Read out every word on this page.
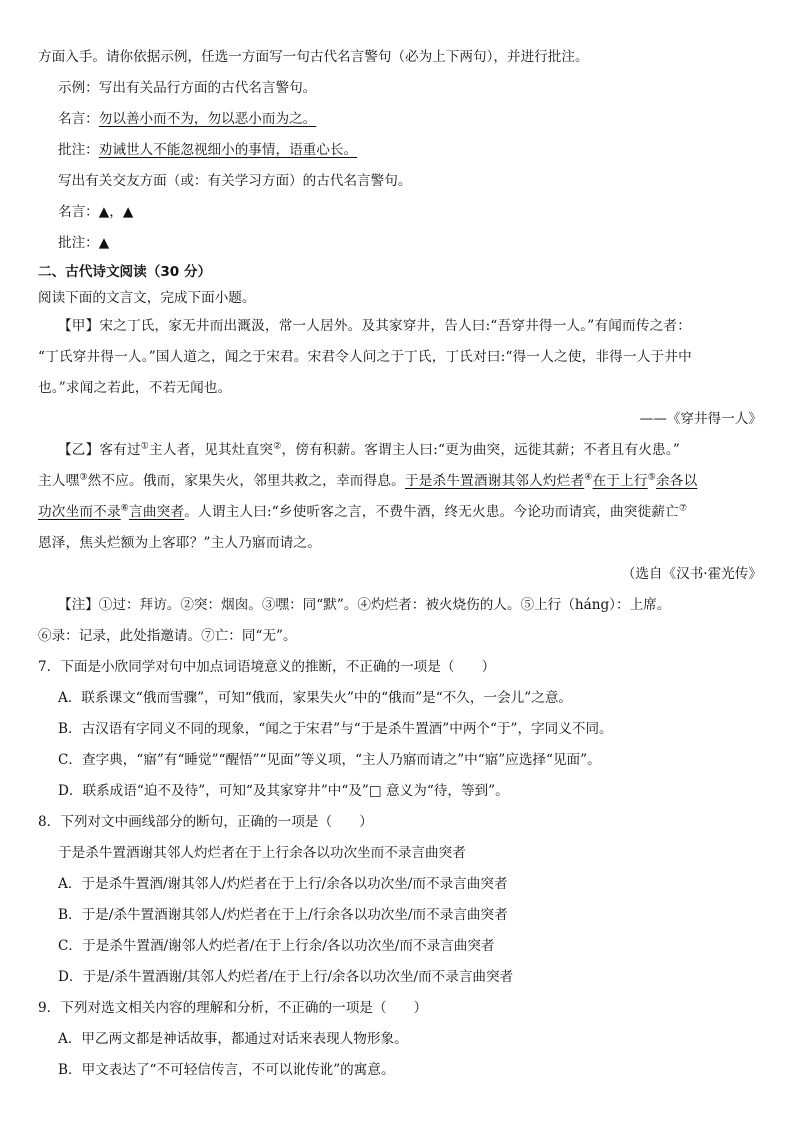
方面入手。请你依据示例，任选一方面写一句古代名言警句（必为上下两句），并进行批注。
示例：写出有关品行方面的古代名言警句。
名言：勿以善小而不为，勿以恶小而为之。
批注：劝诫世人不能忽视细小的事情，语重心长。
写出有关交友方面（或：有关学习方面）的古代名言警句。
名言：▲，▲
批注：▲
二、古代诗文阅读（30 分）
阅读下面的文言文，完成下面小题。
【甲】宋之丁氏，家无井而出溉汲，常一人居外。及其家穿井，告人曰:“吾穿井得一人。”有闻而传之者：
“丁氏穿井得一人。”国人道之，闻之于宋君。宋君令人问之于丁氏，丁氏对曰:“得一人之使，非得一人于井中
也。”求闻之若此，不若无闻也。
——《穿井得一人》
【乙】客有过①主人者，见其灶直突②，傍有积薪。客谓主人曰:“更为曲突，远徙其薪；不者且有火患。”
主人嘿③然不应。俄而，家果失火，邻里共救之，幸而得息。于是杀牛置酒谢其邻人灼烂者④在于上行⑤余各以
功次坐而不录⑥言曲突者。人谓主人曰:“乡使听客之言，不费牛酒，终无火患。今论功而请宾，曲突徙薪亡⑦
恩泽，焦头烂额为上客耶？”主人乃寤而请之。
（选自《汉书·霍光传》
【注】①过：拜访。②突：烟囱。③嘿：同“默”。④灼烂者：被火烧伤的人。⑤上行（háng）：上席。
⑥录：记录，此处指邀请。⑦亡：同“无”。
7．下面是小欣同学对句中加点词语境意义的推断，不正确的一项是（　　）
A．联系课文“俄而雪骤”，可知“俄而，家果失火”中的“俄而”是“不久，一会儿”之意。
B．古汉语有字同义不同的现象，“闻之于宋君”与“于是杀牛置酒”中两个“于”，字同义不同。
C．查字典，“寤”有“睡觉”“醒悟”“见面”等义项，“主人乃寤而请之”中“寤”应选择“见面”。
D．联系成语“迫不及待”，可知“及其家穿井”中“及”□ 意义为“待，等到”。
8．下列对文中画线部分的断句，正确的一项是（　　）
于是杀牛置酒谢其邻人灼烂者在于上行余各以功次坐而不录言曲突者
A．于是杀牛置酒/谢其邻人/灼烂者在于上行/余各以功次坐/而不录言曲突者
B．于是/杀牛置酒谢其邻人/灼烂者在于上/行余各以功次坐/而不录言曲突者
C．于是杀牛置酒/谢邻人灼烂者/在于上行余/各以功次坐/而不录言曲突者
D．于是/杀牛置酒谢/其邻人灼烂者/在于上行/余各以功次坐/而不录言曲突者
9．下列对选文相关内容的理解和分析，不正确的一项是（　　）
A．甲乙两文都是神话故事，都通过对话来表现人物形象。
B．甲文表达了“不可轻信传言，不可以讹传讹”的寓意。
